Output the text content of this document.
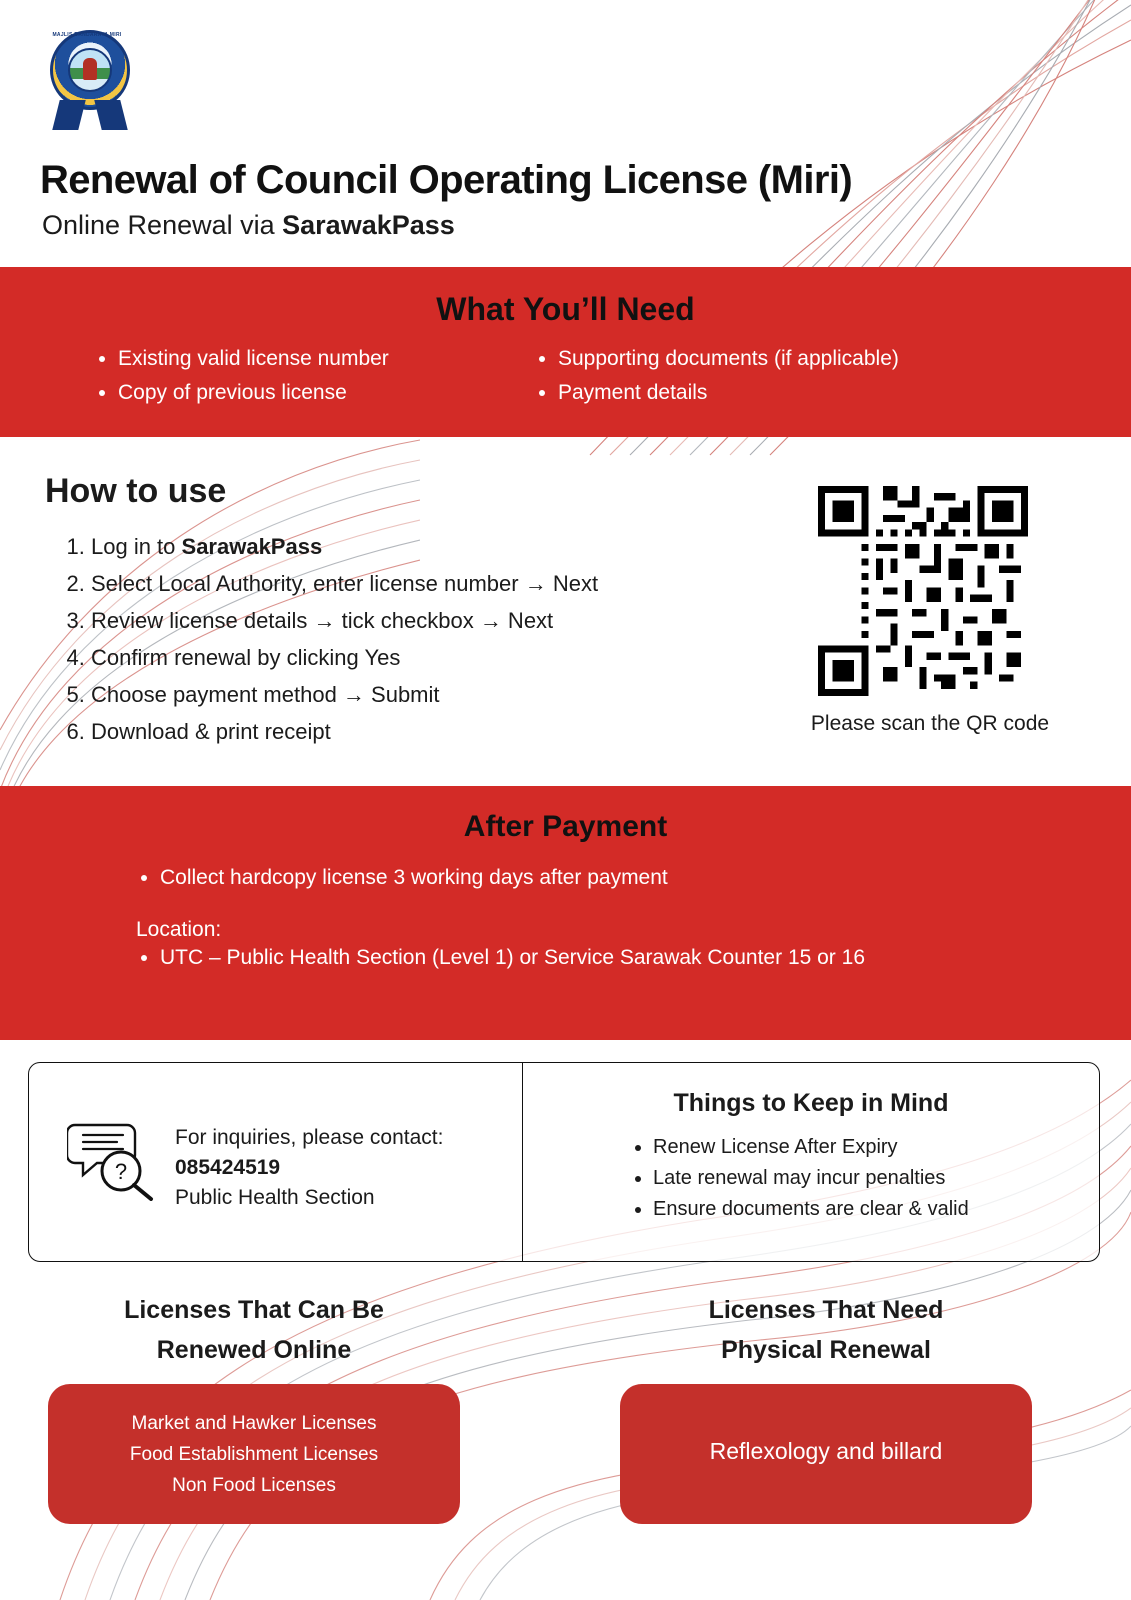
MAJLIS BANDARAYA MIRI
Renewal of Council Operating License (Miri)
Online Renewal via SarawakPass
What You’ll Need
• Existing valid license number
• Copy of previous license
• Supporting documents (if applicable)
• Payment details
How to use
1. Log in to SarawakPass
2. Select Local Authority, enter license number → Next
3. Review license details → tick checkbox → Next
4. Confirm renewal by clicking Yes
5. Choose payment method → Submit
6. Download & print receipt	Please scan the QR code
After Payment
• Collect hardcopy license 3 working days after payment
Location:
• UTC – Public Health Section (Level 1) or Service Sarawak Counter 15 or 16
?
For inquiries, please contact:
085424519
Public Health Section
Things to Keep in Mind
• Renew License After Expiry
• Late renewal may incur penalties
• Ensure documents are clear & valid
Licenses That Can Be
Renewed Online
Market and Hawker Licenses
Food Establishment Licenses
Non Food Licenses
Licenses That Need
Physical Renewal
Reflexology and billard
